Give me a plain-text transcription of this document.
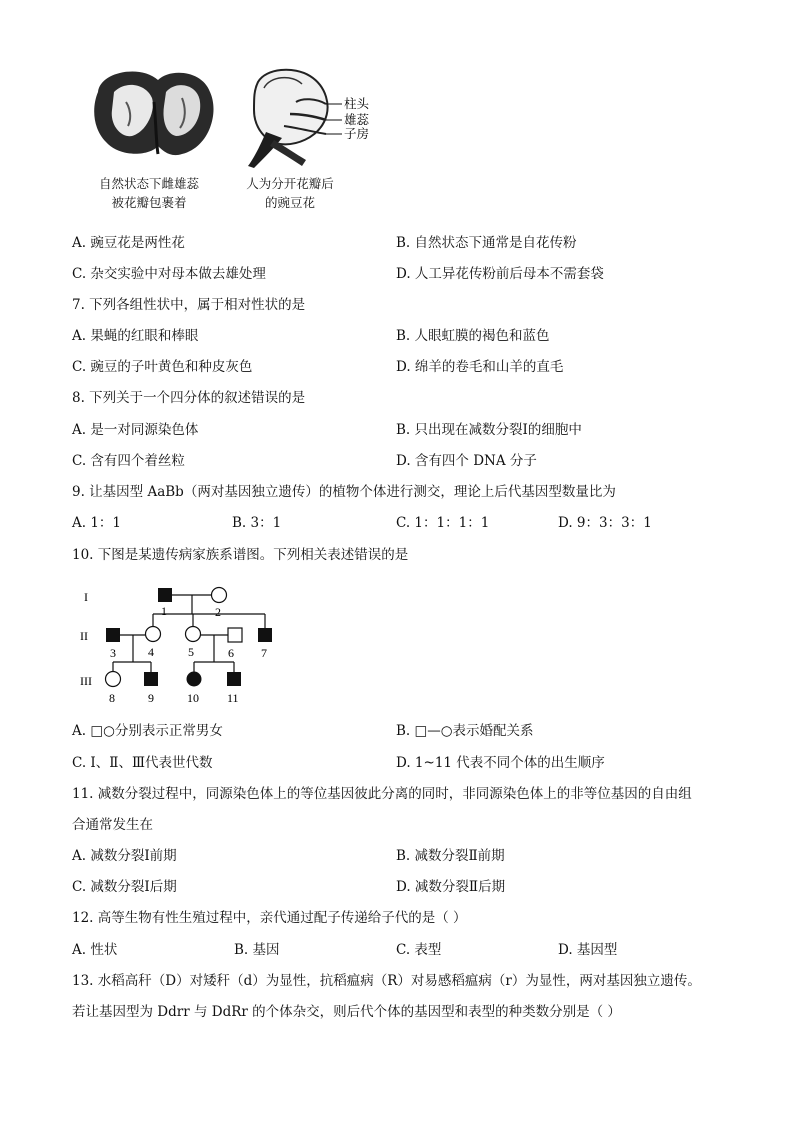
柱头
雄蕊
子房
自然状态下雌雄蕊
被花瓣包裹着
人为分开花瓣后
的豌豆花
A. 豌豆花是两性花	B. 自然状态下通常是自花传粉
C. 杂交实验中对母本做去雄处理	D. 人工异花传粉前后母本不需套袋
7. 下列各组性状中，属于相对性状的是
A. 果蝇的红眼和棒眼	B. 人眼虹膜的褐色和蓝色
C. 豌豆的子叶黄色和种皮灰色	D. 绵羊的卷毛和山羊的直毛
8. 下列关于一个四分体的叙述错误的是
A. 是一对同源染色体	B. 只出现在减数分裂Ⅰ的细胞中
C. 含有四个着丝粒	D. 含有四个 DNA 分子
9. 让基因型 AaBb（两对基因独立遗传）的植物个体进行测交，理论上后代基因型数量比为
A. 1：1	B. 3：1	C. 1：1：1：1	D. 9：3：3：1
10. 下图是某遗传病家族系谱图。下列相关表述错误的是
I
II
III
1	2
3	4	5	6 7
8	9	10 11
A. □○分别表示正常男女	B. □—○表示婚配关系
C. Ⅰ、Ⅱ、Ⅲ代表世代数	D. 1~11 代表不同个体的出生顺序
11. 减数分裂过程中，同源染色体上的等位基因彼此分离的同时，非同源染色体上的非等位基因的自由组
合通常发生在
A. 减数分裂Ⅰ前期	B. 减数分裂Ⅱ前期
C. 减数分裂Ⅰ后期	D. 减数分裂Ⅱ后期
12. 高等生物有性生殖过程中，亲代通过配子传递给子代的是（ ）
A. 性状	B. 基因	C. 表型	D. 基因型
13. 水稻高秆（D）对矮秆（d）为显性，抗稻瘟病（R）对易感稻瘟病（r）为显性，两对基因独立遗传。
若让基因型为 Ddrr 与 DdRr 的个体杂交，则后代个体的基因型和表型的种类数分别是（ ）
